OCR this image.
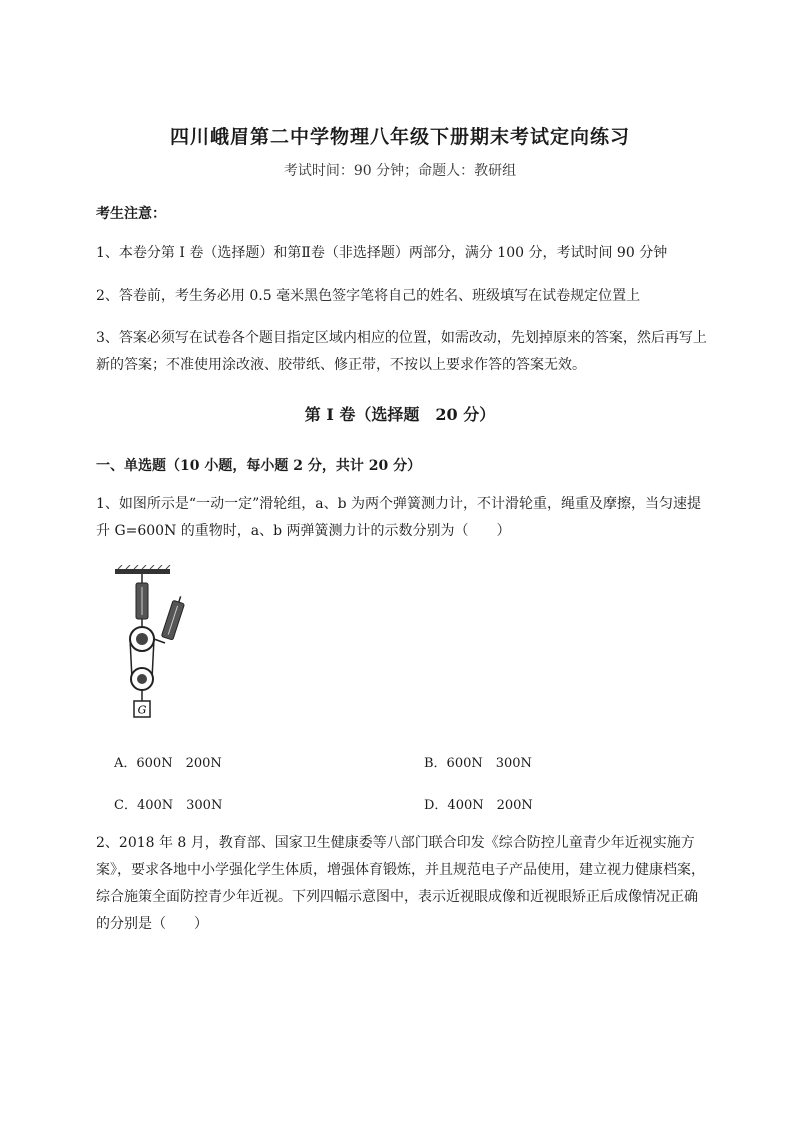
四川峨眉第二中学物理八年级下册期末考试定向练习
考试时间：90 分钟；命题人：教研组
考生注意：
1、本卷分第 I 卷（选择题）和第Ⅱ卷（非选择题）两部分，满分 100 分，考试时间 90 分钟
2、答卷前，考生务必用 0.5 毫米黑色签字笔将自己的姓名、班级填写在试卷规定位置上
3、答案必须写在试卷各个题目指定区域内相应的位置，如需改动，先划掉原来的答案，然后再写上新的答案；不准使用涂改液、胶带纸、修正带，不按以上要求作答的答案无效。
第 I 卷（选择题　20 分）
一、单选题（10 小题，每小题 2 分，共计 20 分）
1、如图所示是“一动一定”滑轮组，a、b 为两个弹簧测力计，不计滑轮重，绳重及摩擦，当匀速提升 G=600N 的重物时，a、b 两弹簧测力计的示数分别为（　　）
G
A．600N　200N	B．600N　300N
C．400N　300N	D．400N　200N
2、2018 年 8 月，教育部、国家卫生健康委等八部门联合印发《综合防控儿童青少年近视实施方案》，要求各地中小学强化学生体质，增强体育锻炼，并且规范电子产品使用，建立视力健康档案，综合施策全面防控青少年近视。下列四幅示意图中，表示近视眼成像和近视眼矫正后成像情况正确的分别是（　　）
